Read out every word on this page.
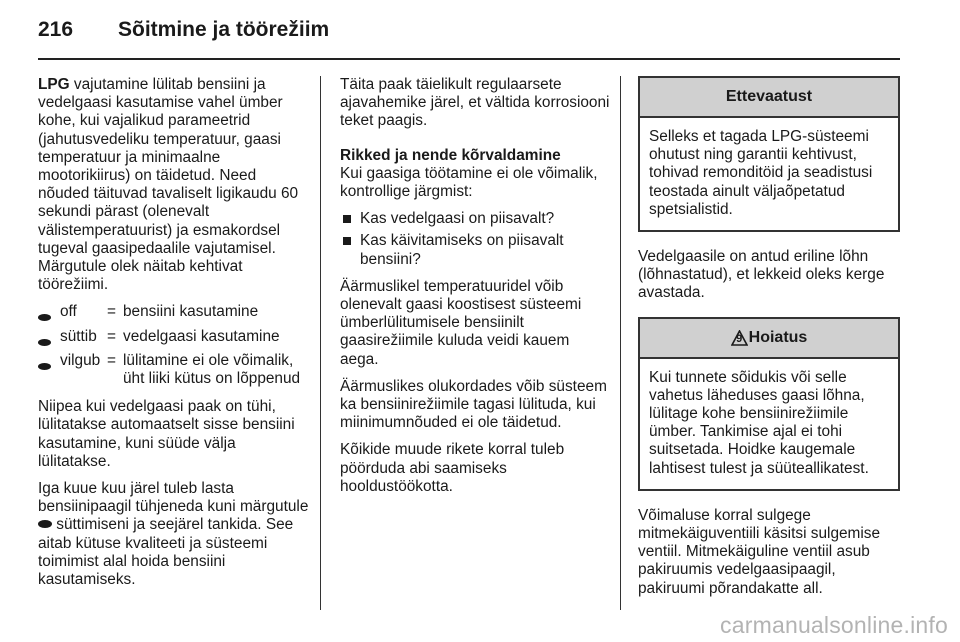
216 Sõitmine ja töörežiim

LPG vajutamine lülitab bensiini ja vedelgaasi kasutamise vahel ümber kohe, kui vajalikud parameetrid (jahutusvedeliku temperatuur, gaasi temperatuur ja minimaalne mootorikiirus) on täidetud. Need nõuded täituvad tavaliselt ligikaudu 60 sekundi pärast (olenevalt välistemperatuurist) ja esmakordsel tugeval gaasipedaalile vajutamisel. Märgutule olek näitab kehtivat töörežiimi.

	off	=	bensiini kasutamine
	süttib	=	vedelgaasi kasutamine
	vilgub	=	lülitamine ei ole võimalik, üht liiki kütus on lõppenud

Niipea kui vedelgaasi paak on tühi, lülitatakse automaatselt sisse bensiini kasutamine, kuni süüde välja lülitatakse.

Iga kuue kuu järel tuleb lasta bensiinipaagil tühjeneda kuni märgutule  süttimiseni ja seejärel tankida. See aitab kütuse kvaliteeti ja süsteemi toimimist alal hoida bensiini kasutamiseks.

Täita paak täielikult regulaarsete ajavahemike järel, et vältida korrosiooni teket paagis.

Rikked ja nende kõrvaldamine

Kui gaasiga töötamine ei ole võimalik, kontrollige järgmist:

Kas vedelgaasi on piisavalt?
Kas käivitamiseks on piisavalt bensiini?

Äärmuslikel temperatuuridel võib olenevalt gaasi koostisest süsteemi ümberlülitumisele bensiinilt gaasirežiimile kuluda veidi kauem aega.

Äärmuslikes olukordades võib süsteem ka bensiinirežiimile tagasi lülituda, kui miinimumnõuded ei ole täidetud.

Kõikide muude rikete korral tuleb pöörduda abi saamiseks hooldustöökotta.

Ettevaatust
Selleks et tagada LPG-süsteemi ohutust ning garantii kehtivust, tohivad remonditöid ja seadistusi teostada ainult väljaõpetatud spetsialistid.

Vedelgaasile on antud eriline lõhn (lõhnastatud), et lekkeid oleks kerge avastada.

9 Hoiatus
Kui tunnete sõidukis või selle vahetus läheduses gaasi lõhna, lülitage kohe bensiinirežiimile ümber. Tankimise ajal ei tohi suitsetada. Hoidke kaugemale lahtisest tulest ja süüteallikatest.

Võimaluse korral sulgege mitmekäiguventiili käsitsi sulgemise ventiil. Mitmekäiguline ventiil asub pakiruumis vedelgaasipaagil, pakiruumi põrandakatte all.

carmanualsonline.info
